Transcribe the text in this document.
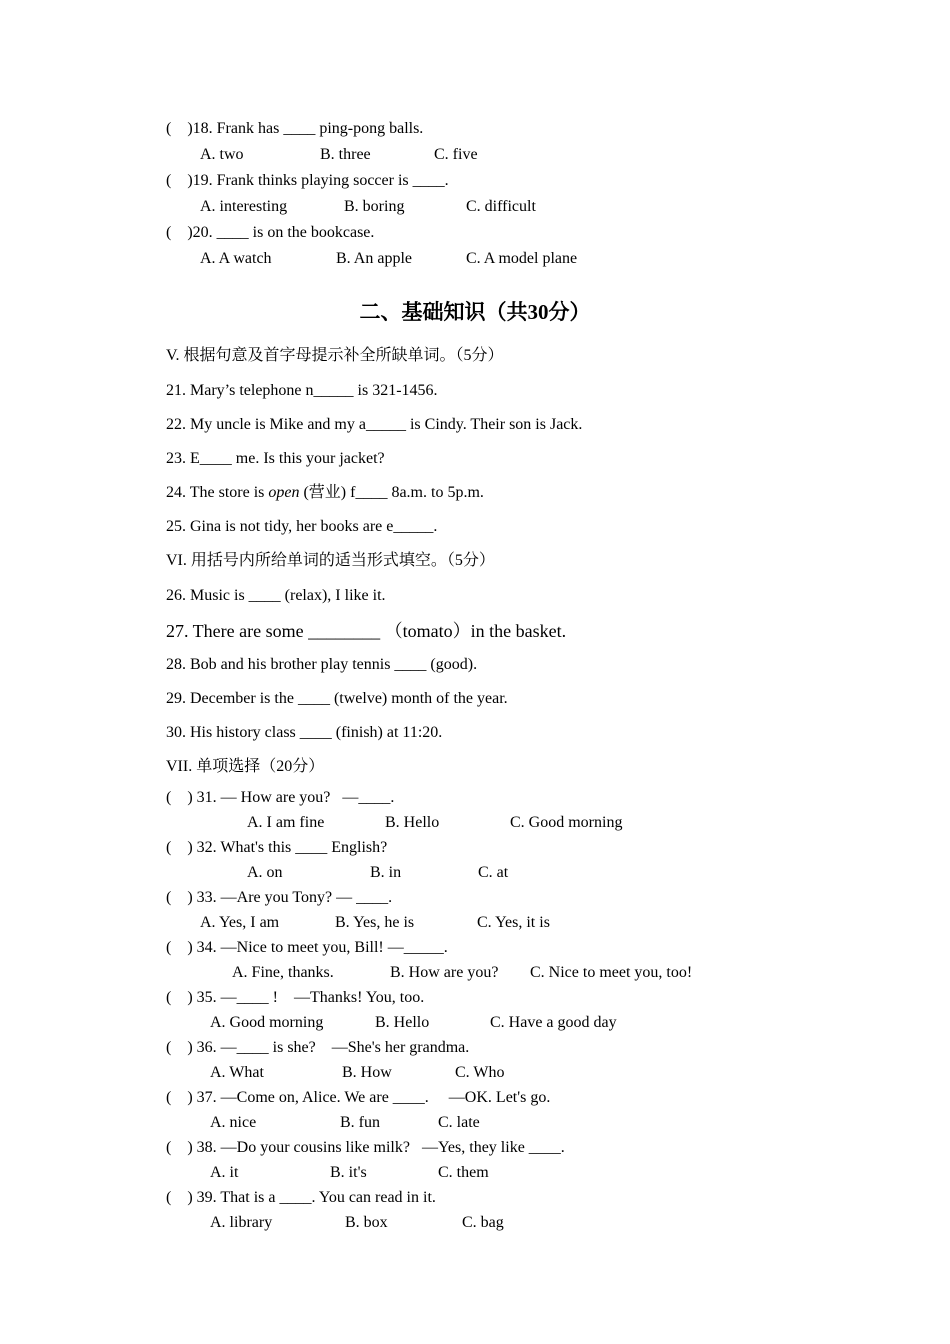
(    )18. Frank has ____ ping-pong balls.
A. two	B. three	C. five
(    )19. Frank thinks playing soccer is ____.
A. interesting	B. boring	C. difficult
(    )20. ____ is on the bookcase.
A. A watch	B. An apple	C. A model plane
二、基础知识（共30分）
V. 根据句意及首字母提示补全所缺单词。（5分）
21. Mary’s telephone n_____ is 321-1456.
22. My uncle is Mike and my a_____ is Cindy. Their son is Jack.
23. E____ me. Is this your jacket?
24. The store is open (营业) f____ 8a.m. to 5p.m.
25. Gina is not tidy, her books are e_____.
VI. 用括号内所给单词的适当形式填空。（5分）
26. Music is ____ (relax), I like it.
27. There are some ________ （tomato）in the basket.
28. Bob and his brother play tennis ____ (good).
29. December is the ____ (twelve) month of the year.
30. His history class ____ (finish) at 11:20.
VII. 单项选择（20分）
(    ) 31. — How are you?   —____.
A. I am fine	B. Hello	C. Good morning
(    ) 32. What's this ____ English?
A. on	B. in	C. at
(    ) 33. —Are you Tony? — ____.
A. Yes, I am	B. Yes, he is	C. Yes, it is
(    ) 34. —Nice to meet you, Bill! —_____.
A. Fine, thanks.	B. How are you? C. Nice to meet you, too!
(    ) 35. —____ !    —Thanks! You, too.
A. Good morning	B. Hello	C. Have a good day
(    ) 36. —____ is she?    —She's her grandma.
A. What	B. How	C. Who
(    ) 37. —Come on, Alice. We are ____.     —OK. Let's go.
A. nice	B. fun	C. late
(    ) 38. —Do your cousins like milk?   —Yes, they like ____.
A. it	B. it's	C. them
(    ) 39. That is a ____. You can read in it.
A. library	B. box	C. bag
